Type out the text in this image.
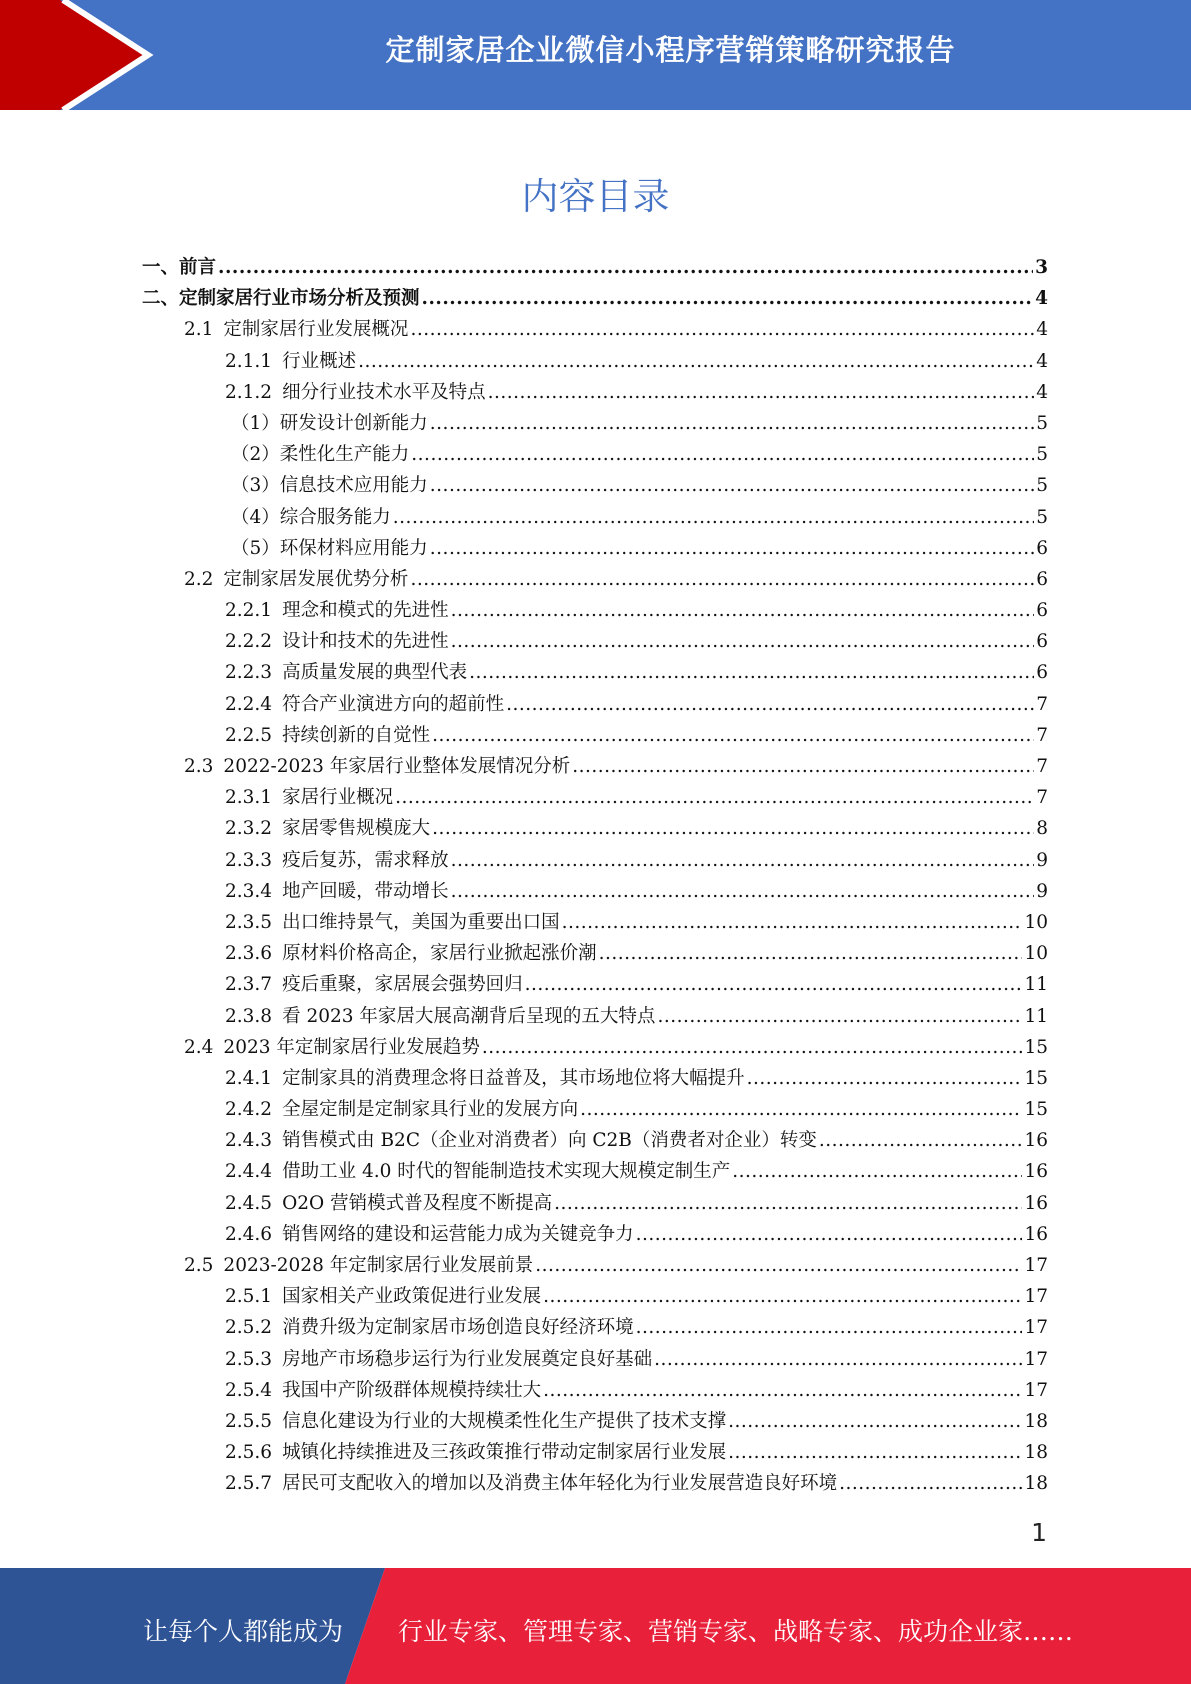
定制家居企业微信小程序营销策略研究报告
内容目录
一、 前言 .....	3
二、 定制家居行业市场分析及预测 .....	4
2.1 定制家居行业发展概况 .....	4
2.1.1 行业概述 .....	4
2.1.2 细分行业技术水平及特点 .....	4
（1） 研发设计创新能力 .....	5
（2） 柔性化生产能力 .....	5
（3） 信息技术应用能力 .....	5
（4） 综合服务能力 .....	5
（5） 环保材料应用能力 .....	6
2.2 定制家居发展优势分析 .....	6
2.2.1 理念和模式的先进性 .....	6
2.2.2 设计和技术的先进性 .....	6
2.2.3 高质量发展的典型代表 .....	6
2.2.4 符合产业演进方向的超前性 .....	7
2.2.5 持续创新的自觉性 .....	7
2.3 2022-2023 年家居行业整体发展情况分析 .....	7
2.3.1 家居行业概况 .....	7
2.3.2 家居零售规模庞大 .....	8
2.3.3 疫后复苏，需求释放 .....	9
2.3.4 地产回暖，带动增长 .....	9
2.3.5 出口维持景气，美国为重要出口国 .....	10
2.3.6 原材料价格高企，家居行业掀起涨价潮 .....	10
2.3.7 疫后重聚，家居展会强势回归 .....	11
2.3.8 看 2023 年家居大展高潮背后呈现的五大特点 .....	11
2.4 2023 年定制家居行业发展趋势 .....	15
2.4.1 定制家具的消费理念将日益普及，其市场地位将大幅提升 .....	15
2.4.2 全屋定制是定制家具行业的发展方向 .....	15
2.4.3 销售模式由 B2C（企业对消费者）向 C2B（消费者对企业）转变 .....	16
2.4.4 借助工业 4.0 时代的智能制造技术实现大规模定制生产 .....	16
2.4.5 O2O 营销模式普及程度不断提高 .....	16
2.4.6 销售网络的建设和运营能力成为关键竞争力 .....	16
2.5 2023-2028 年定制家居行业发展前景 .....	17
2.5.1 国家相关产业政策促进行业发展 .....	17
2.5.2 消费升级为定制家居市场创造良好经济环境 .....	17
2.5.3 房地产市场稳步运行为行业发展奠定良好基础 .....	17
2.5.4 我国中产阶级群体规模持续壮大 .....	17
2.5.5 信息化建设为行业的大规模柔性化生产提供了技术支撑 .....	18
2.5.6 城镇化持续推进及三孩政策推行带动定制家居行业发展 .....	18
2.5.7 居民可支配收入的增加以及消费主体年轻化为行业发展营造良好环境 .....	18
1
让每个人都能成为 行业专家、管理专家、营销专家、战略专家、成功企业家……
